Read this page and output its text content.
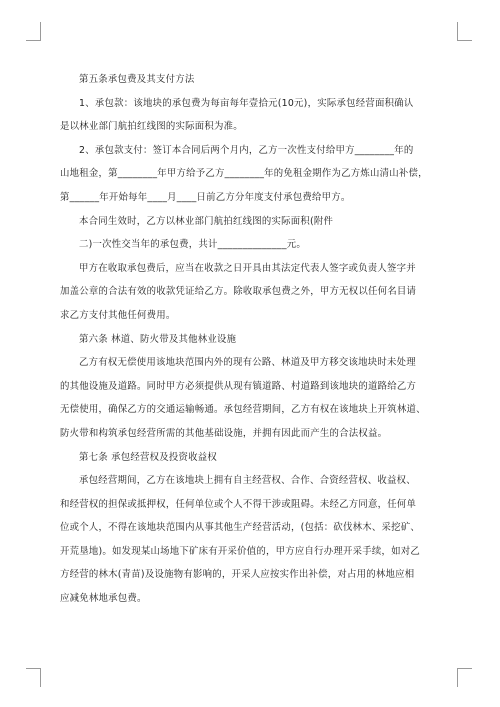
第五条承包费及其支付方法
1、承包款：该地块的承包费为每亩每年壹拾元(10元)，实际承包经营面积确认
是以林业部门航拍红线图的实际面积为准。
2、承包款支付：签订本合同后两个月内，乙方一次性支付给甲方________年的
山地租金，第________年甲方给予乙方________年的免租金期作为乙方炼山清山补偿，
第______年开始每年____月____日前乙方分年度支付承包费给甲方。
本合同生效时，乙方以林业部门航拍红线图的实际面积(附件
二)一次性交当年的承包费，共计______________元。
甲方在收取承包费后，应当在收款之日开具由其法定代表人签字或负责人签字并
加盖公章的合法有效的收款凭证给乙方。除收取承包费之外，甲方无权以任何名目请
求乙方支付其他任何费用。
第六条 林道、防火带及其他林业设施
乙方有权无偿使用该地块范围内外的现有公路、林道及甲方移交该地块时未处理
的其他设施及道路。同时甲方必须提供从现有镇道路、村道路到该地块的道路给乙方
无偿使用，确保乙方的交通运输畅通。承包经营期间，乙方有权在该地块上开筑林道、
防火带和构筑承包经营所需的其他基础设施，并拥有因此而产生的合法权益。
第七条 承包经营权及投资收益权
承包经营期间，乙方在该地块上拥有自主经营权、合作、合资经营权、收益权、
和经营权的担保或抵押权，任何单位或个人不得干涉或阻碍。未经乙方同意，任何单
位或个人，不得在该地块范围内从事其他生产经营活动，(包括：砍伐林木、采挖矿、
开荒垦地)。如发现某山场地下矿床有开采价值的，甲方应自行办理开采手续，如对乙
方经营的林木(青苗)及设施物有影响的，开采人应按实作出补偿，对占用的林地应相
应减免林地承包费。
